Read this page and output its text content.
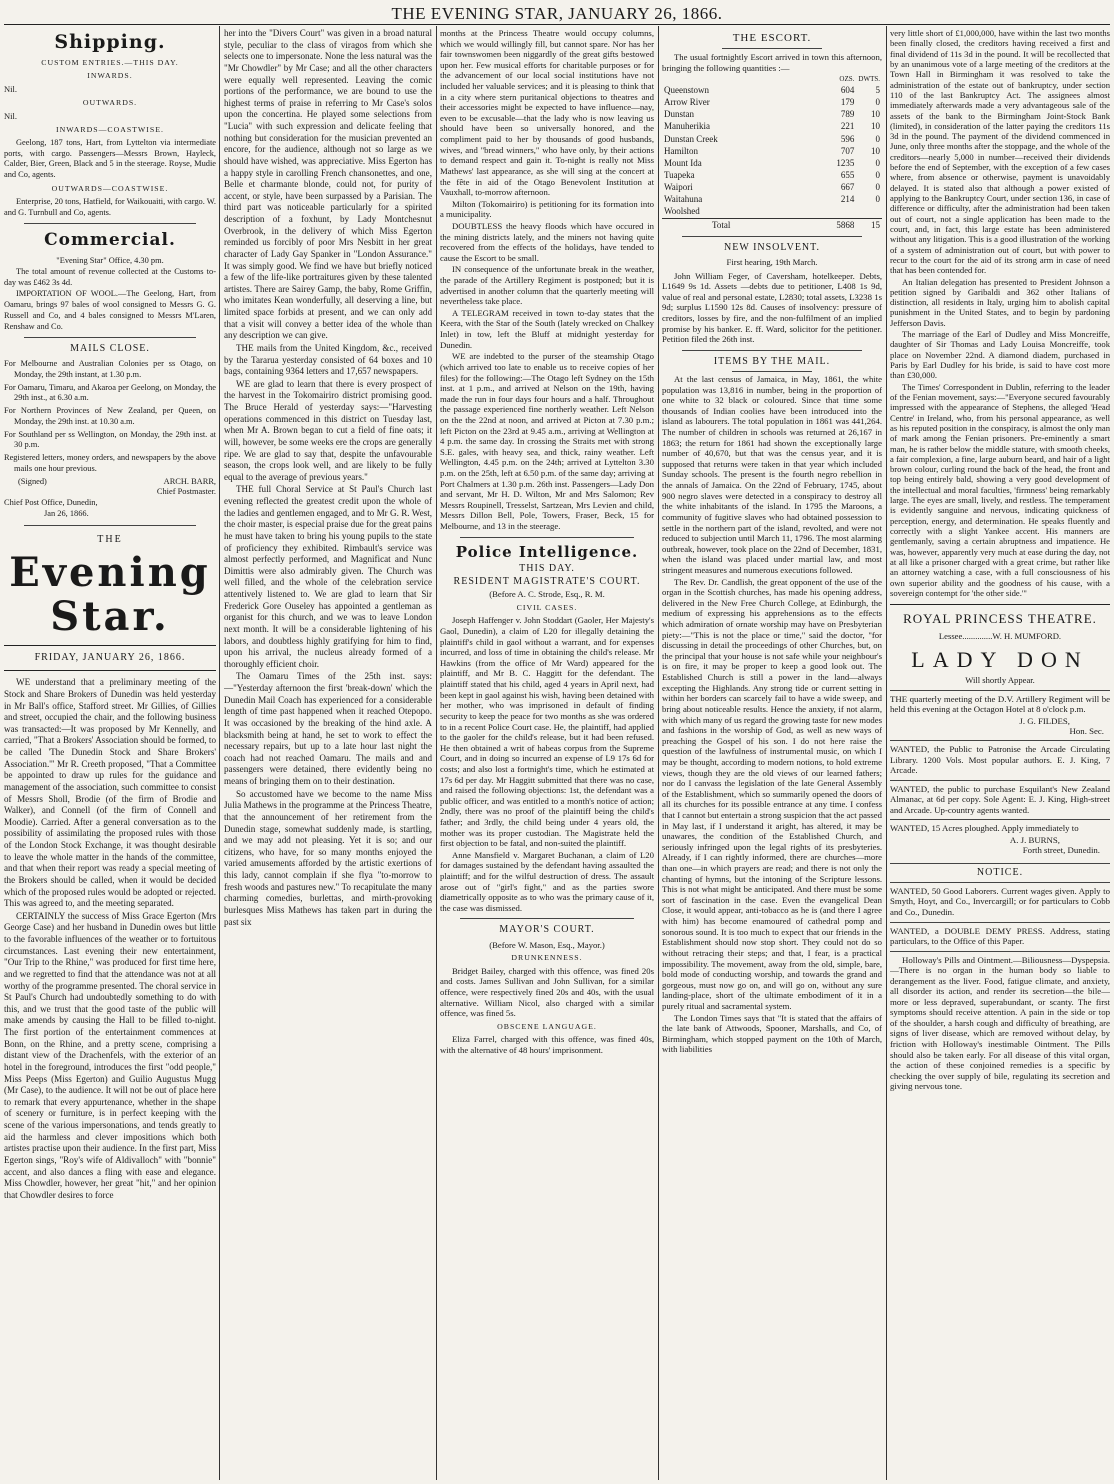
THE EVENING STAR, JANUARY 26, 1866.
Shipping.
CUSTOM ENTRIES.—THIS DAY.
INWARDS.
Nil.
OUTWARDS.
Nil.
INWARDS—COASTWISE.

Geelong, 187 tons, Hart, from Lyttelton via intermediate ports, with cargo. Passengers—Messrs Brown, Hayleck, Calder, Bier, Green, Black and 5 in the steerage. Royse, Mudie and Co, agents.

OUTWARDS—COASTWISE.

Enterprise, 20 tons, Hatfield, for Waikouaiti, with cargo. W. and G. Turnbull and Co, agents.

Commercial.
"Evening Star" Office, 4.30 pm.

The total amount of revenue collected at the Customs to-day was £462 3s 4d.

IMPORTATION OF WOOL.—The Geelong, Hart, from Oamaru, brings 97 bales of wool consigned to Messrs G. G. Russell and Co, and 4 bales consigned to Messrs M'Laren, Renshaw and Co.

MAILS CLOSE.
For Melbourne and Australian Colonies per ss Otago, on Monday, the 29th instant, at 1.30 p.m.
For Oamaru, Timaru, and Akaroa per Geelong, on Monday, the 29th inst., at 6.30 a.m.
For Northern Provinces of New Zealand, per Queen, on Monday, the 29th inst. at 10.30 a.m.
For Southland per ss Wellington, on Monday, the 29th inst. at 30 p.m.
Registered letters, money orders, and newspapers by the above mails one hour previous.
(Signed)	ARCH. BARR,
Chief Postmaster.
Chief Post Office, Dunedin,
Jan 26, 1866.
THE
Evening Star.
FRIDAY, JANUARY 26, 1866.

WE understand that a preliminary meeting of the Stock and Share Brokers of Dunedin was held yesterday in Mr Ball's office, Stafford street. Mr Gillies, of Gillies and street, occupied the chair, and the following business was transacted:—It was proposed by Mr Kennelly, and carried, "That a Brokers' Association should be formed, to be called 'The Dunedin Stock and Share Brokers' Association.'" Mr R. Creeth proposed, "That a Committee be appointed to draw up rules for the guidance and management of the association, such committee to consist of Messrs Sholl, Brodie (of the firm of Brodie and Walker), and Connell (of the firm of Connell and Moodie). Carried. After a general conversation as to the possibility of assimilating the proposed rules with those of the London Stock Exchange, it was thought desirable to leave the whole matter in the hands of the committee, and that when their report was ready a special meeting of the Brokers should be called, when it would be decided which of the proposed rules would be adopted or rejected. This was agreed to, and the meeting separated.

CERTAINLY the success of Miss Grace Egerton (Mrs George Case) and her husband in Dunedin owes but little to the favorable influences of the weather or to fortuitous circumstances. Last evening their new entertainment, "Our Trip to the Rhine," was produced for first time here, and we regretted to find that the attendance was not at all worthy of the programme presented. The choral service in St Paul's Church had undoubtedly something to do with this, and we trust that the good taste of the public will make amends by causing the Hall to be filled to-night. The first portion of the entertainment commences at Bonn, on the Rhine, and a pretty scene, comprising a distant view of the Drachenfels, with the exterior of an hotel in the foreground, introduces the first "odd people," Miss Peeps (Miss Egerton) and Guilio Augustus Mugg (Mr Case), to the audience. It will not be out of place here to remark that every appurtenance, whether in the shape of scenery or furniture, is in perfect keeping with the scene of the various impersonations, and tends greatly to aid the harmless and clever impositions which both artistes practise upon their audience. In the first part, Miss Egerton sings, "Roy's wife of Aldivalloch" with "bonnie" accent, and also dances a fling with ease and elegance. Miss Chowdler, however, her great "hit," and her opinion that Chowdler desires to force

her into the "Divers Court" was given in a broad natural style, peculiar to the class of viragos from which she selects one to impersonate. None the less natural was the "Mr Chowdler" by Mr Case; and all the other characters were equally well represented. Leaving the comic portions of the performance, we are bound to use the highest terms of praise in referring to Mr Case's solos upon the concertina. He played some selections from "Lucia" with such expression and delicate feeling that nothing but consideration for the musician prevented an encore, for the audience, although not so large as we should have wished, was appreciative. Miss Egerton has a happy style in carolling French chansonettes, and one, Belle et charmante blonde, could not, for purity of accent, or style, have been surpassed by a Parisian. The third part was noticeable particularly for a spirited description of a foxhunt, by Lady Montchesnut Overbrook, in the delivery of which Miss Egerton reminded us forcibly of poor Mrs Nesbitt in her great character of Lady Gay Spanker in "London Assurance." It was simply good. We find we have but briefly noticed a few of the life-like portraitures given by these talented artistes. There are Sairey Gamp, the baby, Rome Griffin, who imitates Kean wonderfully, all deserving a line, but limited space forbids at present, and we can only add that a visit will convey a better idea of the whole than any description we can give.

THE mails from the United Kingdom, &c., received by the Tararua yesterday consisted of 64 boxes and 10 bags, containing 9364 letters and 17,657 newspapers.

WE are glad to learn that there is every prospect of the harvest in the Tokomairiro district promising good. The Bruce Herald of yesterday says:—"Harvesting operations commenced in this district on Tuesday last, when Mr A. Brown began to cut a field of fine oats; it will, however, be some weeks ere the crops are generally ripe. We are glad to say that, despite the unfavourable season, the crops look well, and are likely to be fully equal to the average of previous years."

THE full Choral Service at St Paul's Church last evening reflected the greatest credit upon the whole of the ladies and gentlemen engaged, and to Mr G. R. West, the choir master, is especial praise due for the great pains he must have taken to bring his young pupils to the state of proficiency they exhibited. Rimbault's service was almost perfectly performed, and Magnificat and Nunc Dimittis were also admirably given. The Church was well filled, and the whole of the celebration service attentively listened to. We are glad to learn that Sir Frederick Gore Ouseley has appointed a gentleman as organist for this church, and we was to leave London next month. It will be a considerable lightening of his labors, and doubtless highly gratifying for him to find, upon his arrival, the nucleus already formed of a thoroughly efficient choir.

The Oamaru Times of the 25th inst. says:—"Yesterday afternoon the first 'break-down' which the Dunedin Mail Coach has experienced for a considerable length of time past happened when it reached Otepopo. It was occasioned by the breaking of the hind axle. A blacksmith being at hand, he set to work to effect the necessary repairs, but up to a late hour last night the coach had not reached Oamaru. The mails and and passengers were detained, there evidently being no means of bringing them on to their destination.

So accustomed have we become to the name Miss Julia Mathews in the programme at the Princess Theatre, that the announcement of her retirement from the Dunedin stage, somewhat suddenly made, is startling, and we may add not pleasing. Yet it is so; and our citizens, who have, for so many months enjoyed the varied amusements afforded by the artistic exertions of this lady, cannot complain if she flya "to-morrow to fresh woods and pastures new." To recapitulate the many charming comedies, burlettas, and mirth-provoking burlesques Miss Mathews has taken part in during the past six

months at the Princess Theatre would occupy columns, which we would willingly fill, but cannot spare. Nor has her fair townswomen been niggardly of the great gifts bestowed upon her. Few musical efforts for charitable purposes or for the advancement of our local social institutions have not included her valuable services; and it is pleasing to think that in a city where stern puritanical objections to theatres and their accessories might be expected to have influence—nay, even to be excusable—that the lady who is now leaving us should have been so universally honored, and the compliment paid to her by thousands of good husbands, wives, and "bread winners," who have only, by their actions to demand respect and gain it. To-night is really not Miss Mathews' last appearance, as she will sing at the concert at the fête in aid of the Otago Benevolent Institution at Vauxhall, to-morrow afternoon.

Milton (Tokomairiro) is petitioning for its formation into a municipality.

DOUBTLESS the heavy floods which have occured in the mining districts lately, and the miners not having quite recovered from the effects of the holidays, have tended to cause the Escort to be small.

IN consequence of the unfortunate break in the weather, the parade of the Artillery Regiment is postponed; but it is advertised in another column that the quarterly meeting will nevertheless take place.

A TELEGRAM received in town to-day states that the Keera, with the Star of the South (lately wrecked on Chalkey Inlet) in tow, left the Bluff at midnight yesterday for Dunedin.

WE are indebted to the purser of the steamship Otago (which arrived too late to enable us to receive copies of her files) for the following:—The Otago left Sydney on the 15th inst. at 1 p.m., and arrived at Nelson on the 19th, having made the run in four days four hours and a half. Throughout the passage experienced fine northerly weather. Left Nelson on the the 22nd at noon, and arrived at Picton at 7.30 p.m.; left Picton on the 23rd at 9.45 a.m., arriving at Wellington at 4 p.m. the same day. In crossing the Straits met with strong S.E. gales, with heavy sea, and thick, rainy weather. Left Wellington, 4.45 p.m. on the 24th; arrived at Lyttelton 3.30 p.m. on the 25th, left at 6.50 p.m. of the same day; arriving at Port Chalmers at 1.30 p.m. 26th inst. Passengers—Lady Don and servant, Mr H. D. Wilton, Mr and Mrs Salomon; Rev Messrs Roupinell, Tresselst, Sartzean, Mrs Levien and child, Messrs Dillon Bell, Pole, Towers, Fraser, Beck, 15 for Melbourne, and 13 in the steerage.

Police Intelligence.
THIS DAY.
RESIDENT MAGISTRATE'S COURT.
(Before A. C. Strode, Esq., R. M.
CIVIL CASES.

Joseph Haffenger v. John Stoddart (Gaoler, Her Majesty's Gaol, Dunedin), a claim of L20 for illegally detaining the plaintiff's child in gaol without a warrant, and for expenses incurred, and loss of time in obtaining the child's release. Mr Hawkins (from the office of Mr Ward) appeared for the plaintiff, and Mr B. C. Haggitt for the defendant. The plaintiff stated that his child, aged 4 years in April next, had been kept in gaol against his wish, having been detained with her mother, who was imprisoned in default of finding security to keep the peace for two months as she was ordered to in a recent Police Court case. He, the plaintiff, had applied to the gaoler for the child's release, but it had been refused. He then obtained a writ of habeas corpus from the Supreme Court, and in doing so incurred an expense of L9 17s 6d for costs; and also lost a fortnight's time, which he estimated at 17s 6d per day. Mr Haggitt submitted that there was no case, and raised the following objections: 1st, the defendant was a public officer, and was entitled to a month's notice of action; 2ndly, there was no proof of the plaintiff being the child's father; and 3rdly, the child being under 4 years old, the mother was its proper custodian. The Magistrate held the first objection to be fatal, and non-suited the plaintiff.

Anne Mansfield v. Margaret Buchanan, a claim of L20 for damages sustained by the defendant having assaulted the plaintiff; and for the wilful destruction of dress. The assault arose out of "girl's fight," and as the parties swore diametrically opposite as to who was the primary cause of it, the case was dismissed.

MAYOR'S COURT.
(Before W. Mason, Esq., Mayor.)
DRUNKENNESS.

Bridget Bailey, charged with this offence, was fined 20s and costs. James Sullivan and John Sullivan, for a similar offence, were respectively fined 20s and 40s, with the usual alternative. William Nicol, also charged with a similar offence, was fined 5s.

OBSCENE LANGUAGE.

Eliza Farrel, charged with this offence, was fined 40s, with the alternative of 48 hours' imprisonment.

THE ESCORT.

The usual fortnightly Escort arrived in town this afternoon, bringing the following quantities :—

	OZS.	DWTS.
Queenstown	604	5
Arrow River	179	0
Dunstan	789	10
Manuherikia	221	10
Dunstan Creek	596	0
Hamilton	707	10
Mount Ida	1235	0
Tuapeka	655	0
Waipori	667	0
Waitahuna	214	0
Woolshed		
Total	5868	15
NEW INSOLVENT.
First hearing, 19th March.

John William Feger, of Caversham, hotelkeeper. Debts, L1649 9s 1d. Assets —debts due to petitioner, L408 1s 9d, value of real and personal estate, L2830; total assets, L3238 1s 9d; surplus L1590 12s 8d. Causes of insolvency: pressure of creditors, losses by fire, and the non-fulfilment of an implied promise by his banker. E. ff. Ward, solicitor for the petitioner. Petition filed the 26th inst.

ITEMS BY THE MAIL.

At the last census of Jamaica, in May, 1861, the white population was 13,816 in number, being in the proportion of one white to 32 black or coloured. Since that time some thousands of Indian coolies have been introduced into the island as labourers. The total population in 1861 was 441,264. The number of children in schools was returned at 26,167 in 1863; the return for 1861 had shown the exceptionally large number of 40,670, but that was the census year, and it is supposed that returns were taken in that year which included Sunday schools. The present is the fourth negro rebellion in the annals of Jamaica. On the 22nd of February, 1745, about 900 negro slaves were detected in a conspiracy to destroy all the white inhabitants of the island. In 1795 the Maroons, a community of fugitive slaves who had obtained possession to settle in the northern part of the island, revolted, and were not reduced to subjection until March 11, 1796. The most alarming outbreak, however, took place on the 22nd of December, 1831, when the island was placed under martial law, and most stringent measures and numerous executions followed.

The Rev. Dr. Candlish, the great opponent of the use of the organ in the Scottish churches, has made his opening address, delivered in the New Free Church College, at Edinburgh, the medium of expressing his apprehensions as to the effects which admiration of ornate worship may have on Presbyterian piety:—"This is not the place or time," said the doctor, "for discussing in detail the proceedings of other Churches, but, on the principal that your house is not safe while your neighbour's is on fire, it may be proper to keep a good look out. The Established Church is still a power in the land—always excepting the Highlands. Any strong tide or current setting in within her borders can scarcely fail to have a wide sweep, and bring about noticeable results. Hence the anxiety, if not alarm, with which many of us regard the growing taste for new modes and fashions in the worship of God, as well as new ways of preaching the Gospel of his son. I do not here raise the question of the lawfulness of instrumental music, on which I may be thought, according to modern notions, to hold extreme views, though they are the old views of our learned fathers; nor do I canvass the legislation of the late General Assembly of the Establishment, which so summarily opened the doors of all its churches for its possible entrance at any time. I confess that I cannot but entertain a strong suspicion that the act passed in May last, if I understand it aright, has altered, it may be unawares, the condition of the Established Church, and seriously infringed upon the legal rights of its presbyteries. Already, if I can rightly informed, there are churches—more than one—in which prayers are read; and there is not only the chanting of hymns, but the intoning of the Scripture lessons. This is not what might be anticipated. And there must be some sort of fascination in the case. Even the evangelical Dean Close, it would appear, anti-tobacco as he is (and there I agree with him) has become enamoured of cathedral pomp and sonorous sound. It is too much to expect that our friends in the Establishment should now stop short. They could not do so without retracing their steps; and that, I fear, is a practical impossibility. The movement, away from the old, simple, bare, bold mode of conducting worship, and towards the grand and gorgeous, must now go on, and will go on, without any sure landing-place, short of the ultimate embodiment of it in a purely ritual and sacramental system.

The London Times says that "It is stated that the affairs of the late bank of Attwoods, Spooner, Marshalls, and Co, of Birmingham, which stopped payment on the 10th of March, with liabilities

very little short of £1,000,000, have within the last two months been finally closed, the creditors having received a first and final dividend of 11s 3d in the pound. It will be recollected that by an unanimous vote of a large meeting of the creditors at the Town Hall in Birmingham it was resolved to take the administration of the estate out of bankruptcy, under section 110 of the last Bankruptcy Act. The assignees almost immediately afterwards made a very advantageous sale of the assets of the bank to the Birmingham Joint-Stock Bank (limited), in consideration of the latter paying the creditors 11s 3d in the pound. The payment of the dividend commenced in June, only three months after the stoppage, and the whole of the creditors—nearly 5,000 in number—received their dividends before the end of September, with the exception of a few cases where, from absence or otherwise, payment is unavoidably delayed. It is stated also that although a power existed of applying to the Bankruptcy Court, under section 136, in case of difference or difficulty, after the administration had been taken out of court, not a single application has been made to the court, and, in fact, this large estate has been administered without any litigation. This is a good illustration of the working of a system of administration out of court, but with power to recur to the court for the aid of its strong arm in case of need that has been contended for.

An Italian delegation has presented to President Johnson a petition signed by Garibaldi and 362 other Italians of distinction, all residents in Italy, urging him to abolish capital punishment in the United States, and to begin by pardoning Jefferson Davis.

The marriage of the Earl of Dudley and Miss Moncreiffe, daughter of Sir Thomas and Lady Louisa Moncreiffe, took place on November 22nd. A diamond diadem, purchased in Paris by Earl Dudley for his bride, is said to have cost more than £30,000.

The Times' Correspondent in Dublin, referring to the leader of the Fenian movement, says:—"Everyone secured favourably impressed with the appearance of Stephens, the alleged 'Head Centre' in Ireland, who, from his personal appearance, as well as his reputed position in the conspiracy, is almost the only man of mark among the Fenian prisoners. Pre-eminently a smart man, he is rather below the middle stature, with smooth cheeks, a fair complexion, a fine, large auburn beard, and hair of a light brown colour, curling round the back of the head, the front and top being entirely bald, showing a very good development of the intellectual and moral faculties, 'firmness' being remarkably large. The eyes are small, lively, and restless. The temperament is evidently sanguine and nervous, indicating quickness of perception, energy, and determination. He speaks fluently and correctly with a slight Yankee accent. His manners are gentlemanly, saving a certain abruptness and impatience. He was, however, apparently very much at ease during the day, not at all like a prisoner charged with a great crime, but rather like an attorney watching a case, with a full consciousness of his own superior ability and the goodness of his cause, with a sovereign contempt for 'the other side.'"

ROYAL PRINCESS THEATRE.
Lessee..............W. H. MUMFORD.
LADY DON
Will shortly Appear.

THE quarterly meeting of the D.V. Artillery Regiment will be held this evening at the Octagon Hotel at 8 o'clock p.m.

J. G. FILDES,
Hon. Sec.

WANTED, the Public to Patronise the Arcade Circulating Library. 1200 Vols. Most popular authors. E. J. King, 7 Arcade.

WANTED, the public to purchase Esquilant's New Zealand Almanac, at 6d per copy. Sole Agent: E. J. King, High-street and Arcade. Up-country agents wanted.

WANTED, 15 Acres ploughed. Apply immediately to

A. J. BURNS,
Forth street, Dunedin.
NOTICE.

WANTED, 50 Good Laborers. Current wages given. Apply to Smyth, Hoyt, and Co., Invercargill; or for particulars to Cobb and Co., Dunedin.

WANTED, a DOUBLE DEMY PRESS. Address, stating particulars, to the Office of this Paper.

Holloway's Pills and Ointment.—Biliousness—Dyspepsia.—There is no organ in the human body so liable to derangement as the liver. Food, fatigue climate, and anxiety, all disorder its action, and render its secretion—the bile—more or less depraved, superabundant, or scanty. The first symptoms should receive attention. A pain in the side or top of the shoulder, a harsh cough and difficulty of breathing, are signs of liver disease, which are removed without delay, by friction with Holloway's inestimable Ointment. The Pills should also be taken early. For all disease of this vital organ, the action of these conjoined remedies is a specific by checking the over supply of bile, regulating its secretion and giving nervous tone.
